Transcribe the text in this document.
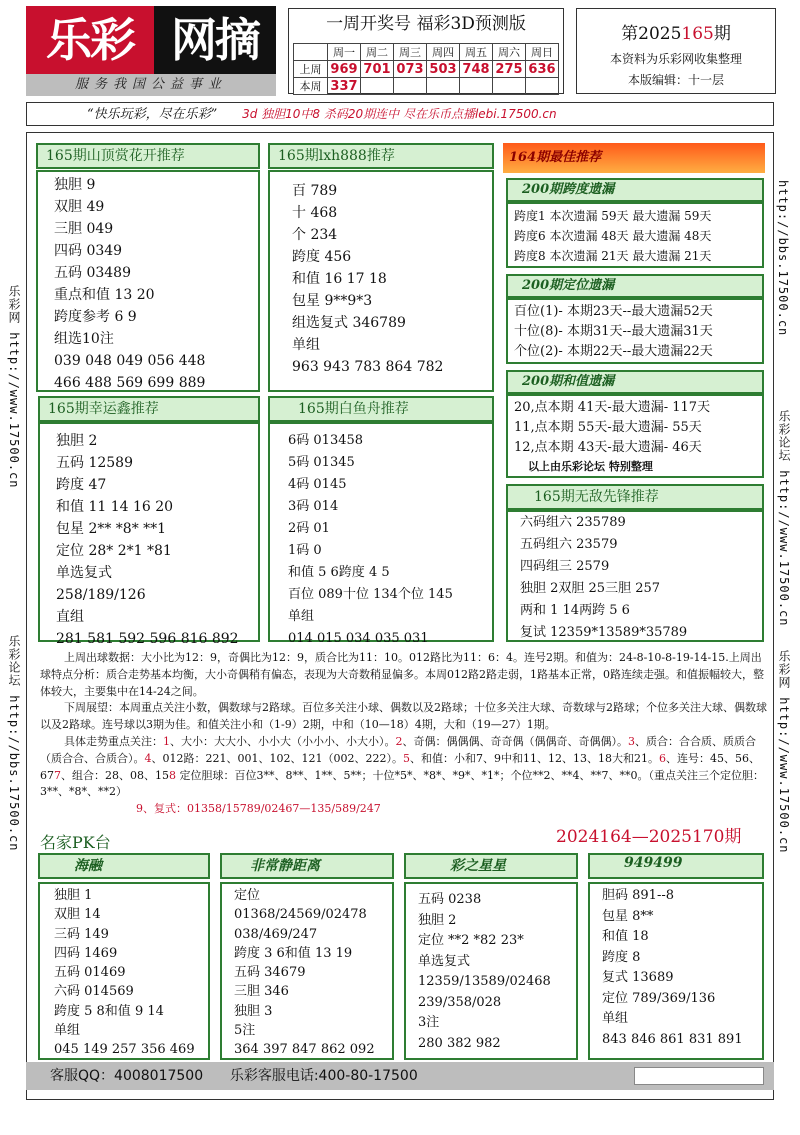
乐彩 网摘
服务我国公益事业
一周开奖号 福彩3D预测版
	周一	周二	周三	周四	周五	周六	周日
上周	969	701	073	503	748	275	636
本周	337						
第2025165期
本资料为乐彩网收集整理
本版编辑：十一层
“快乐玩彩，尽在乐彩” 3d 独胆10中8 杀码20期连中 尽在乐币点播lebi.17500.cn
乐彩网 http://www.17500.cn
乐彩论坛 http://bbs.17500.cn
http://bbs.17500.cn
乐彩论坛 http://www.17500.cn
乐彩网 http://www.17500.cn
165期山顶赏花开推荐
独胆 9
双胆 49
三胆 049
四码 0349
五码 03489
重点和值 13 20
跨度参考 6 9
组选10注
039 048 049 056 448
466 488 569 699 889
165期lxh888推荐
百 789
十 468
个 234
跨度 456
和值 16 17 18
包星 9**9*3
组选复式 346789
单组
963 943 783 864 782
164期最佳推荐
200期跨度遗漏
跨度1 本次遗漏 59天 最大遗漏 59天
跨度6 本次遗漏 48天 最大遗漏 48天
跨度8 本次遗漏 21天 最大遗漏 21天
200期定位遗漏
百位(1)- 本期23天--最大遗漏52天
十位(8)- 本期31天--最大遗漏31天
个位(2)- 本期22天--最大遗漏22天
200期和值遗漏
20,点本期 41天-最大遗漏- 117天
11,点本期 55天-最大遗漏- 55天
12,点本期 43天-最大遗漏- 46天
以上由乐彩论坛 特别整理
165期幸运鑫推荐
独胆 2
五码 12589
跨度 47
和值 11 14 16 20
包星 2** *8* **1
定位 28* 2*1 *81
单选复式
258/189/126
直组
281 581 592 596 816 892
165期白鱼舟推荐
6码 013458
5码 01345
4码 0145
3码 014
2码 01
1码 0
和值 5 6跨度 4 5
百位 089十位 134个位 145
单组
014 015 034 035 031
165期无敌先锋推荐
六码组六 235789
五码组六 23579
四码组三 2579
独胆 2双胆 25三胆 257
两和 1 14两跨 5 6
复试 12359*13589*35789
上周出球数据：大小比为12：9，奇偶比为12：9，质合比为11：10。012路比为11：6：4。连号2期。和值为：24-8-10-8-19-14-15.上周出球特点分析：质合走势基本均衡，大小奇偶稍有偏态，表现为大奇数稍显偏多。本周012路2路走弱，1路基本正常，0路连续走强。和值振幅较大，整体较大，主要集中在14-24之间。
下周展望：本周重点关注小数，偶数球与2路球。百位多关注小球、偶数以及2路球；十位多关注大球、奇数球与2路球；个位多关注大球、偶数球以及2路球。连号球以3期为佳。和值关注小和（1-9）2期，中和（10—18）4期，大和（19—27）1期。
具体走势重点关注：1、大小：大大小、小小大（小小小、小大小）。2、奇偶：偶偶偶、奇奇偶（偶偶奇、奇偶偶）。3、质合：合合质、质质合（质合合、合质合）。4、012路：221、001、102、121（002、222）。5、和值：小和7、9中和11、12、13、18大和21。6、连号：45、56、677、组合：28、08、158 定位胆球：百位3**、8**、1**、5**；十位*5*、*8*、*9*、*1*；个位**2、**4、**7、**0。（重点关注三个定位胆：3**、*8*、**2）
9、复式：01358/15789/02467—135/589/247
名家PK台	2024164—2025170期
海融
独胆 1
双胆 14
三码 149
四码 1469
五码 01469
六码 014569
跨度 5 8和值 9 14
单组
045 149 257 356 469
非常静距离
定位
01368/24569/02478
038/469/247
跨度 3 6和值 13 19
五码 34679
三胆 346
独胆 3
5注
364 397 847 862 092
彩之星星
五码 0238
独胆 2
定位 **2 *82 23*
单选复式
12359/13589/02468
239/358/028
3注
280 382 982
949499
胆码 891--8
包星 8**
和值 18
跨度 8
复式 13689
定位 789/369/136
单组
843 846 861 831 891
客服QQ：4008017500 乐彩客服电话:400-80-17500
